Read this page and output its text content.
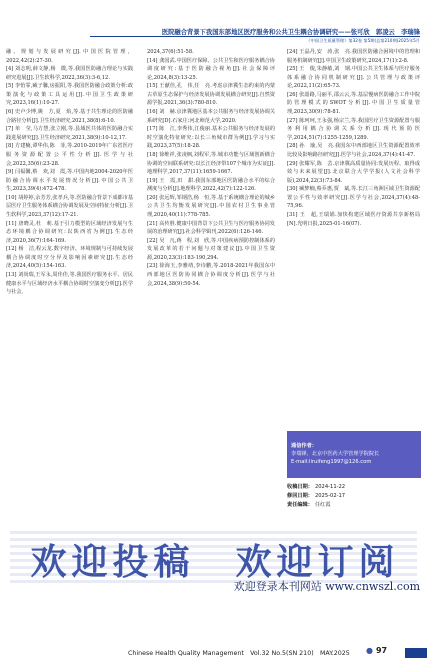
医院融合背景下我国东部地区医疗服务和公共卫生耦合协调研究——张可欣　郭凌云　李瑞锋
《中国卫生质量管理》第32卷 第5期(总第210期)2025年5月

融、规划与发展研究[J].中国医院管理，2022,42(2):27-30.

[4] 刘志明,薛文静,杨　微,等.我国医防融合理论与实践研究进展[J].卫生软科学,2022,36(3):3-6,12.

[5] 李怡霏,臧子馨,房振阳,等.我国医防融合政策分析:政策演化与政策工具运用[J].中国卫生政策研究,2023,16(1):10-27.

[6] 史卢少博,姚　方,夏　焰,等.基于共生理论的医防融合路径分析[J].卫生经济研究,2021,38(8):6-10.

[7] 单　莹,马方慧,张立刚,等.县域医共体的医防融合实践进展研究[J].卫生经济研究,2021,38(9):10-12,17.

[8] 方建楠,谭华伟,陈　菲,等.2010-2019年广东省医疗服务资源配置公平性分析[J].医学与社会,2022,35(6):23-28.

[9] 闫福馨,蔡　欢,刘　霞,等.中国内地2004-2020年医防融合协调水平发展情况分析[J].中国公共卫生,2023,39(4):472-478.

[10] 胡婷婷,余芳芳,张孝兵,等.医防融合背景下成都市基层医疗卫生服务体系耦合协调发展及空间特征分析[J].卫生软科学,2023,37(12):17-21.

[11] 唐晓灵,杜　莉.基于引力模型的区域经济发展与生态环境耦合协调研究:以陕西省为例[J].生态经济,2020,36(7):164-169.

[12] 杨　洁,程云龙.数字经济、环境规制与可持续发展耦合协调度时空分异及影响因素研究[J].生态经济,2024,40(5):154-163.

[13] 刘尚瑞,王军永,周佳佳,等.我国医疗服务水平、居民健康水平与区域经济水平耦合协调时空演变分析[J].医学与社会,

2024,37(6):51-58.

[14] 龚国武.中国医疗保障、公共卫生和医疗服务耦合协调度研究:基于医防融合视角[J].社会保障评论,2024,8(3):13-25.

[15] 王献佳,孔　伟,任　亮.考虑京津冀生态约束的内蒙古草原生态保护与经济发展协调发展耦合研究[J].自然资源学报,2021,36(3):780-810.

[16] 刘　赫.京津冀地区基本公共服务与经济发展协调关系研究[D].石家庄:河北师范大学,2020.

[17] 陈　江,李秀伟,江俊丽.基本公共服务与经济发展的时空演化特征研究:以长三角城市群为例[J].学习与实践,2023,37(5):18-28.

[18] 徐维祥,张凌枫,刘程军,等.城市功能与区域创新耦合协调的空间联系研究:以长江经济带107个城市为实证[J].地理科学,2017,37(11):1659-1667.

[19] 王　霞,田　甜.我国东部地区医防融合水平的综合测度与分析[J].地理科学,2022,42(7):122-126.

[20] 张远辉,邹钢浩,杨　恒,等.基于系统耦合理论的城乡公共卫生均衡发展研究[J].中国农村卫生事业管理,2020,40(11):778-785.

[21] 高传胜.健康中国背景下公共卫生与医疗服务协同发展的治理研究[J].社会科学辑刊,2022(6):126-146.

[22] 吴　凡,蒋　程,刘　欣,等.中国疾病预防控制体系的发展改革的若干问题与对策建议[J].中国卫生资源,2020,23(3):183-190,294.

[23] 徐海玉,李雅靖,李诗鹏,等.2018-2021年我国东中西部地区医防协同耦合协调度分析[J].医学与社会,2024,38(9):50-54.

[24] 王晶丹,安　涛,张　亮.我国医防融合困境中的管理和服务机制研究[J].中国卫生政策研究,2024,17(1):2-8.

[25] 王　俊,朱静敏,刘　钢.中国公共卫生体系与医疗服务体系融合协同机制研究[J].公共管理与政策评论,2022,11(2):65-73.

[26] 张韶路,马丽平,邵云云,等.基层慢病医防融合工作中院防管理模式的SWOT分析[J].中国卫生质量管理,2023,30(9):78-81.

[27] 陈珂珂,王永强,杨宗兰,等.我国医疗卫生资源配置与服务利用耦合协调关系分析[J].现代预防医学,2024,51(7):1255-1259,1289.

[28] 孙　瑜,吴　亮.我国东中西部地区卫生资源配置效率比较及影响路径研究[J].医学与社会,2024,37(4):41-47.

[29] 张耀军,陈　芸.京津冀高质量协同:发展历程、取得成效与未来展望[J].北京联合大学学报(人文社会科学版),2024,22(3):73-84.

[30] 臧梦楠,蔡乔惠,贾　斌,等.长江三角洲区域卫生资源配置公平性与效率研究[J].医学与社会,2024,37(4):48-75,96.

[31] 王　超,王瑞娟.加快构建区域医疗资源共享新格局[N].光明日报,2025-01-16(07).

通信作者：
李瑞锋，北京中医药大学管理学院院长
E-mail:liruifeng1997@126.com
收稿日期： 2024-11-22
修回日期： 2025-02-17
责任编辑： 任红霞
欢迎投稿　欢迎订阅
欢迎登录本刊网站 www.cnwszl.com
Chinese Health Quality Management　Vol.32 No.5(SN 210)　MAY.2025 ● 97
